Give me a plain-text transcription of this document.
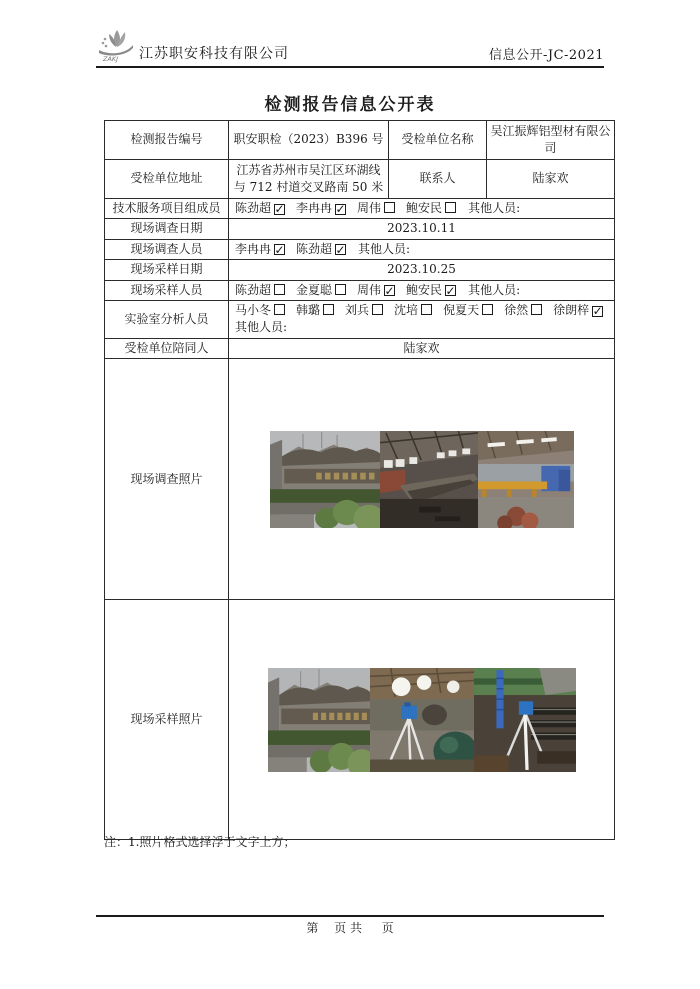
ZAKJ 江苏职安科技有限公司	信息公开-JC-2021
检测报告信息公开表
检测报告编号	职安职检（2023）B396 号	受检单位名称	吴江振辉铝型材有限公司
受检单位地址	江苏省苏州市吴江区环湖线与 712 村道交叉路南 50 米	联系人	陆家欢
技术服务项目组成员	陈劲超 ✓ 李冉冉 ✓ 周伟 鲍安民 其他人员:		
现场调查日期	2023.10.11		
现场调查人员	李冉冉 ✓ 陈劲超 ✓ 其他人员:		
现场采样日期	2023.10.25		
现场采样人员	陈劲超 金夏聪 周伟 ✓ 鲍安民 ✓ 其他人员:		
实验室分析人员	马小冬 韩璐 刘兵 沈培 倪夏天 徐然 徐朗梓 ✓
其他人员:		

受检单位陪同人	陆家欢		
现场调查照片	

现场采样照片	
注：1.照片格式选择浮于文字上方；
第　 页 共 　 页
